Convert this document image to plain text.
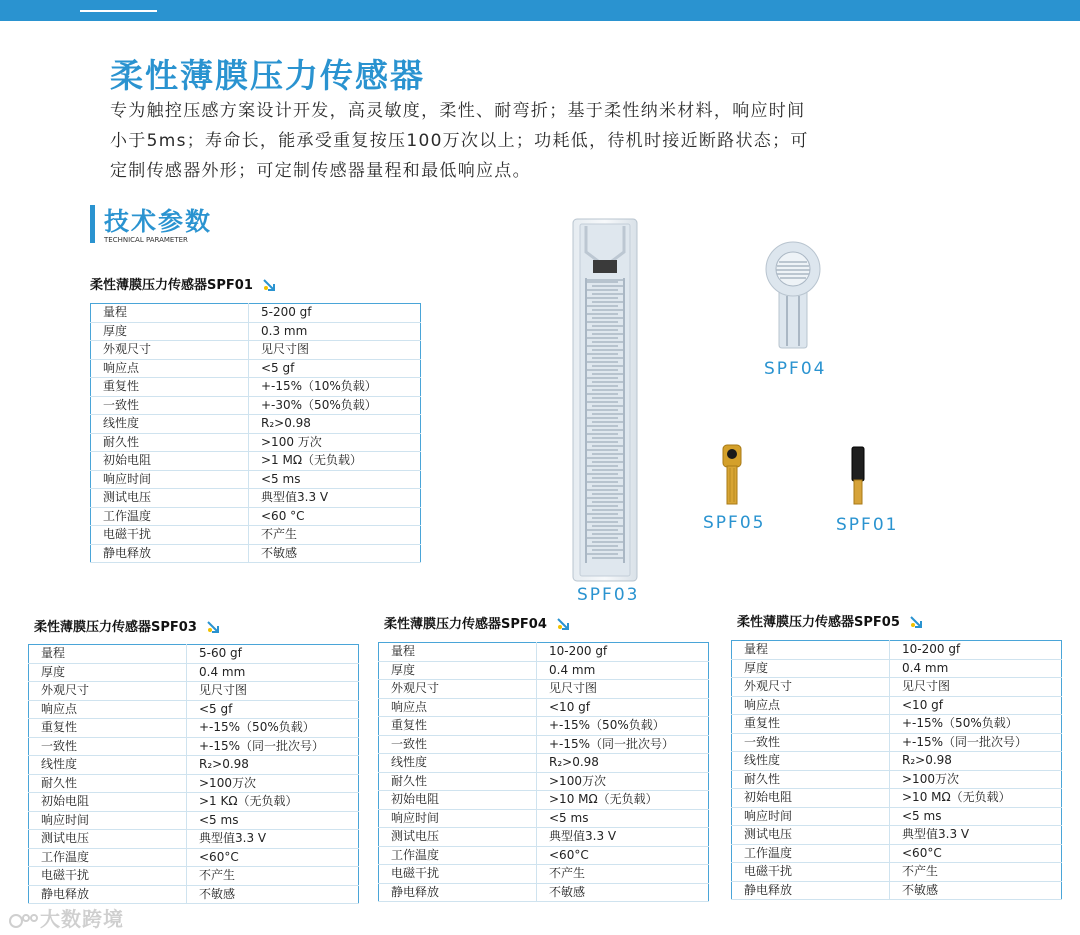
柔性薄膜压力传感器
专为触控压感方案设计开发，高灵敏度，柔性、耐弯折；基于柔性纳米材料，响应时间
小于5ms；寿命长，能承受重复按压100万次以上；功耗低，待机时接近断路状态；可
定制传感器外形；可定制传感器量程和最低响应点。
技术参数
TECHNICAL PARAMETER
柔性薄膜压力传感器SPF01
柔性薄膜压力传感器SPF03	柔性薄膜压力传感器SPF04	柔性薄膜压力传感器SPF05
量程	5-200 gf
厚度	0.3 mm
外观尺寸	见尺寸图
响应点	<5 gf
重复性	+-15%（10%负载）
一致性	+-30%（50%负载）
线性度	R₂>0.98
耐久性	>100 万次
初始电阻	>1 MΩ（无负载）
响应时间	<5 ms
测试电压	典型值3.3 V
工作温度	<60 °C
电磁干扰	不产生
静电释放	不敏感
量程	5-60 gf
厚度	0.4 mm
外观尺寸	见尺寸图
响应点	<5 gf
重复性	+-15%（50%负载）
一致性	+-15%（同一批次号）
线性度	R₂>0.98
耐久性	>100万次
初始电阻	>1 KΩ（无负载）
响应时间	<5 ms
测试电压	典型值3.3 V
工作温度	<60°C
电磁干扰	不产生
静电释放	不敏感
量程	10-200 gf
厚度	0.4 mm
外观尺寸	见尺寸图
响应点	<10 gf
重复性	+-15%（50%负载）
一致性	+-15%（同一批次号）
线性度	R₂>0.98
耐久性	>100万次
初始电阻	>10 MΩ（无负载）
响应时间	<5 ms
测试电压	典型值3.3 V
工作温度	<60°C
电磁干扰	不产生
静电释放	不敏感
量程	10-200 gf
厚度	0.4 mm
外观尺寸	见尺寸图
响应点	<10 gf
重复性	+-15%（50%负载）
一致性	+-15%（同一批次号）
线性度	R₂>0.98
耐久性	>100万次
初始电阻	>10 MΩ（无负载）
响应时间	<5 ms
测试电压	典型值3.3 V
工作温度	<60°C
电磁干扰	不产生
静电释放	不敏感
SPF03
SPF04
SPF05	SPF01
大数跨境
